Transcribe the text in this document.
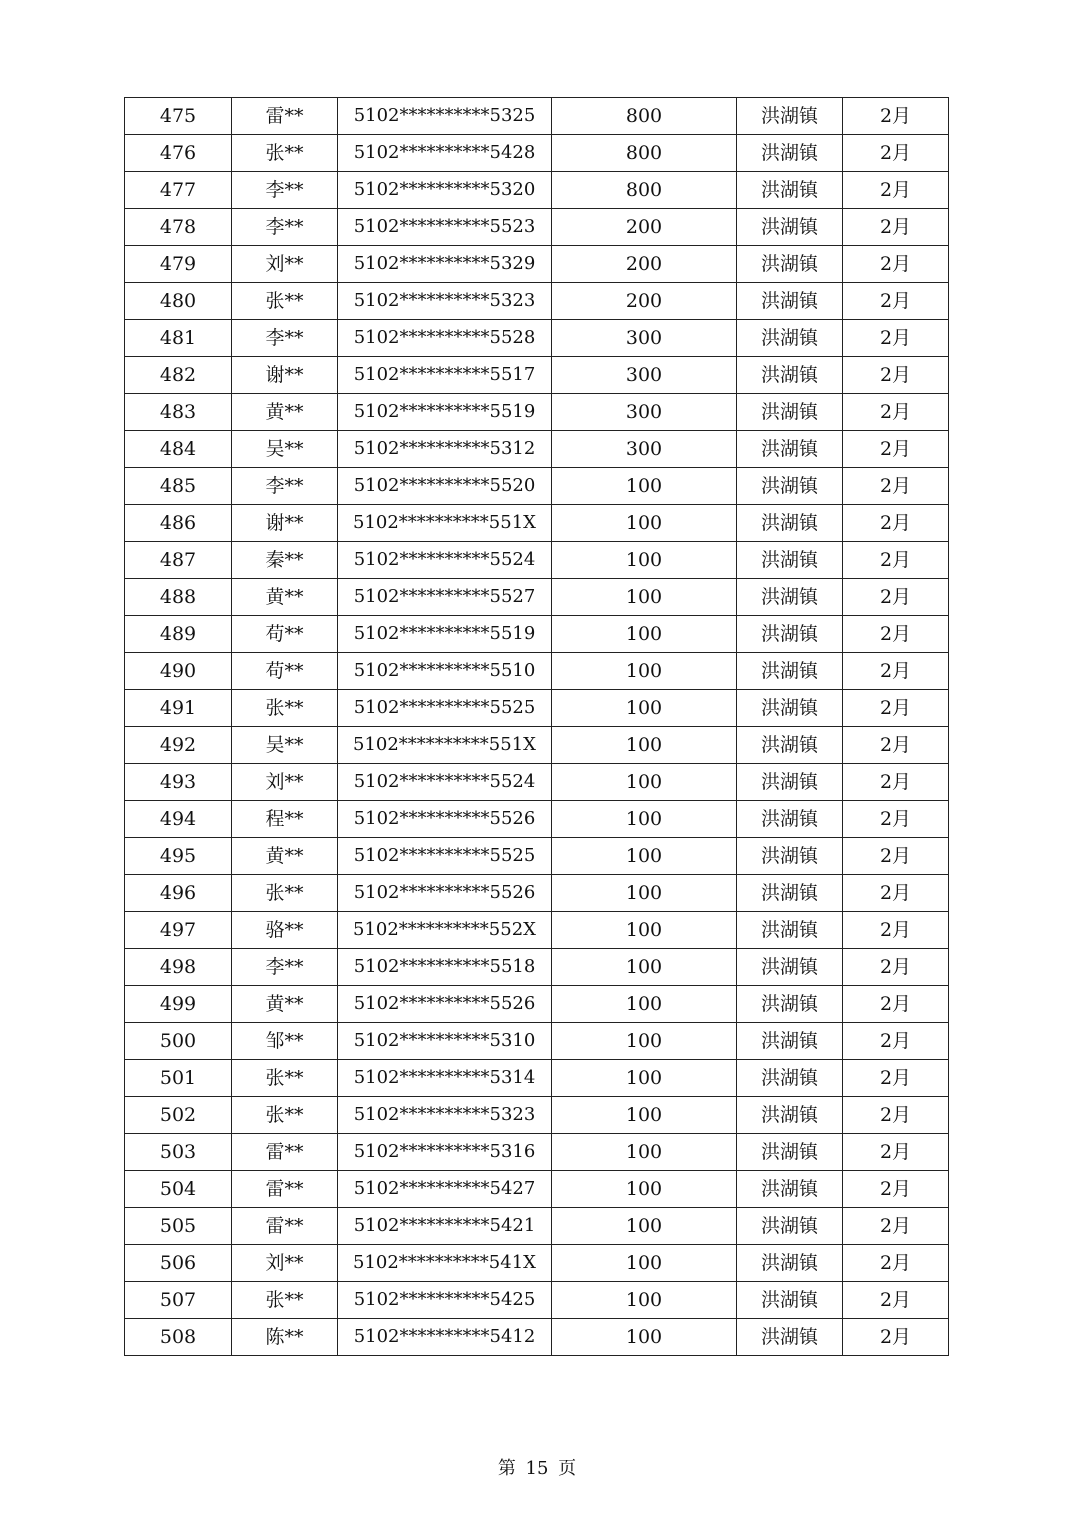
475	雷**	5102**********5325	800	洪湖镇	2月
476	张**	5102**********5428	800	洪湖镇	2月
477	李**	5102**********5320	800	洪湖镇	2月
478	李**	5102**********5523	200	洪湖镇	2月
479	刘**	5102**********5329	200	洪湖镇	2月
480	张**	5102**********5323	200	洪湖镇	2月
481	李**	5102**********5528	300	洪湖镇	2月
482	谢**	5102**********5517	300	洪湖镇	2月
483	黄**	5102**********5519	300	洪湖镇	2月
484	吴**	5102**********5312	300	洪湖镇	2月
485	李**	5102**********5520	100	洪湖镇	2月
486	谢**	5102**********551X	100	洪湖镇	2月
487	秦**	5102**********5524	100	洪湖镇	2月
488	黄**	5102**********5527	100	洪湖镇	2月
489	苟**	5102**********5519	100	洪湖镇	2月
490	苟**	5102**********5510	100	洪湖镇	2月
491	张**	5102**********5525	100	洪湖镇	2月
492	吴**	5102**********551X	100	洪湖镇	2月
493	刘**	5102**********5524	100	洪湖镇	2月
494	程**	5102**********5526	100	洪湖镇	2月
495	黄**	5102**********5525	100	洪湖镇	2月
496	张**	5102**********5526	100	洪湖镇	2月
497	骆**	5102**********552X	100	洪湖镇	2月
498	李**	5102**********5518	100	洪湖镇	2月
499	黄**	5102**********5526	100	洪湖镇	2月
500	邹**	5102**********5310	100	洪湖镇	2月
501	张**	5102**********5314	100	洪湖镇	2月
502	张**	5102**********5323	100	洪湖镇	2月
503	雷**	5102**********5316	100	洪湖镇	2月
504	雷**	5102**********5427	100	洪湖镇	2月
505	雷**	5102**********5421	100	洪湖镇	2月
506	刘**	5102**********541X	100	洪湖镇	2月
507	张**	5102**********5425	100	洪湖镇	2月
508	陈**	5102**********5412	100	洪湖镇	2月
第 15 页
